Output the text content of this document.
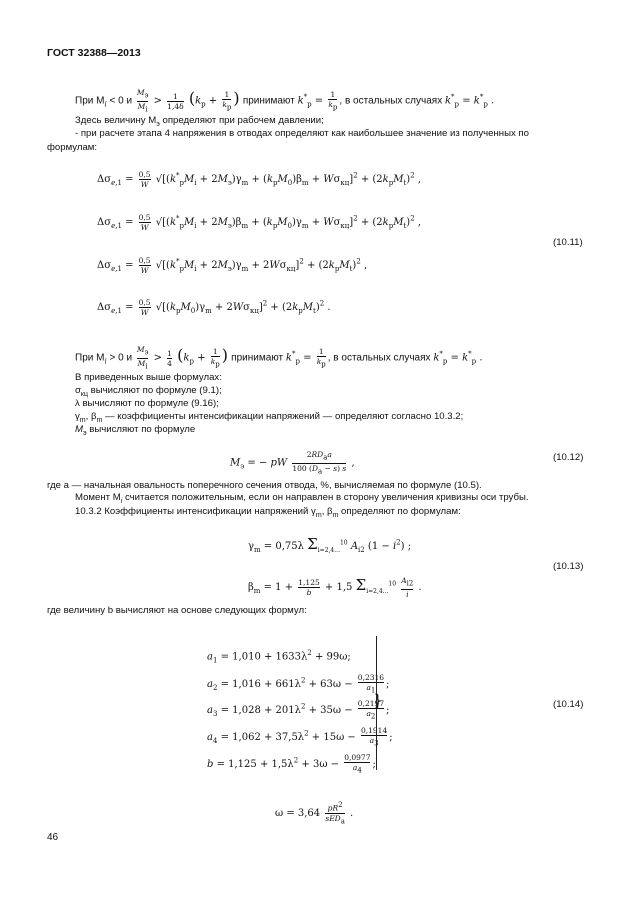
ГОСТ 32388—2013
При $M_i < 0$ и $\frac{M_э}{M_i} > \frac{1}{1,4\delta} (k_p + \frac{1}{k_p}$ ) принимают $k^*_p = \frac{1}{k_p}$ , в остальных случаях $k^*_p = k^*_p$ .
Здесь величину $M_э$ определяют при рабочем давлении;
- при расчете этапа 4 напряжения в отводах определяют как наибольшее значение из полученных по
формулам:
$\Delta\sigma_{e,1} = \frac{0,5}{W} √[(k^*_pM_i + 2M_э)\gamma_m + (k_pM_0)\beta_m + W\sigma_{кц}]^2 + (2k_pM_t)^2$ ,
$\Delta\sigma_{e,1} = \frac{0,5}{W} √[(k^*_pM_i + 2M_э)\beta_m + (k_pM_0)\gamma_m + W\sigma_{кц}]^2 + (2k_pM_t)^2$ ,
$\Delta\sigma_{e,1} = \frac{0,5}{W} √[(k^*_pM_i + 2M_э)\gamma_m + 2W\sigma_{кц}]^2 + (2k_pM_t)^2$ ,
$\Delta\sigma_{e,1} = \frac{0,5}{W} √[(k_pM_0)\gamma_m + 2W\sigma_{кц}]^2 + (2k_pM_t)^2$ .
(10.11)
При $M_i > 0$ и $\frac{M_э}{M_i} > \frac{1}{4} (k_p + \frac{1}{k_p}$ ) принимают $k^*_p = \frac{1}{k_p}$ , в остальных случаях $k^*_p = k^*_p$ .
В приведенных выше формулах:
$\sigma_{кц}$ вычисляют по формуле (9.1);
λ вычисляют по формуле (9.16);
$\gamma_m$, $\beta_m$ — коэффициенты интенсификации напряжений — определяют согласно 10.3.2;
$M_э$ вычисляют по формуле
$M_э$ = − pW $\frac{2RD_aa}{100 (D_a - s) s}$ ,	(10.12)
где a — начальная овальность поперечного сечения отвода, %, вычисляемая по формуле (10.5).
Момент $M_i$ считается положительным, если он направлен в сторону увеличения кривизны оси трубы.
10.3.2 Коэффициенты интенсификации напряжений $\gamma_m$, $\beta_m$ определяют по формулам:
$\gamma_m = 0,75\lambda$ $\Sigma_{i=2,4...}^{10}$ $A_{i2}$ $(1 - i^2)$ ;
$\beta_m = 1 + \frac{1,125}{b} + 1,5$ $\Sigma_{i=2,4...}^{10} \frac{A_{i2}}{i}$ .
(10.13)
где величину b вычисляют на основе следующих формул:
$a_1 = 1,010 + 1633\lambda^2 + 99\omega$;
$a_2 = 1,016 + 661\lambda^2 + 63\omega - \frac{0,2316}{a_1}$ ;
$a_3 = 1,028 + 201\lambda^2 + 35\omega - \frac{0,2197}{a_2}$ ;
$a_4 = 1,062 + 37,5\lambda^2 + 15\omega - \frac{0,1914}{a_3}$ ;
$b = 1,125 + 1,5\lambda^2 + 3\omega - \frac{0,0977}{a_4}$ ;
}
(10.14)
$\omega = 3,64 \frac{pR^2}{sED_a}$ .
46
